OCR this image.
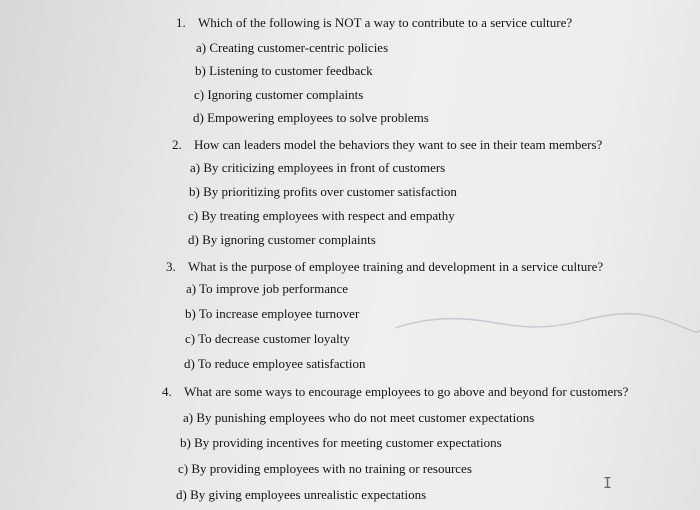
1. Which of the following is NOT a way to contribute to a service culture?
a) Creating customer-centric policies
b) Listening to customer feedback
c) Ignoring customer complaints
d) Empowering employees to solve problems
2. How can leaders model the behaviors they want to see in their team members?
a) By criticizing employees in front of customers
b) By prioritizing profits over customer satisfaction
c) By treating employees with respect and empathy
d) By ignoring customer complaints
3. What is the purpose of employee training and development in a service culture?
a) To improve job performance
b) To increase employee turnover
c) To decrease customer loyalty
d) To reduce employee satisfaction
4. What are some ways to encourage employees to go above and beyond for customers?
a) By punishing employees who do not meet customer expectations
b) By providing incentives for meeting customer expectations
c) By providing employees with no training or resources
d) By giving employees unrealistic expectations
I
